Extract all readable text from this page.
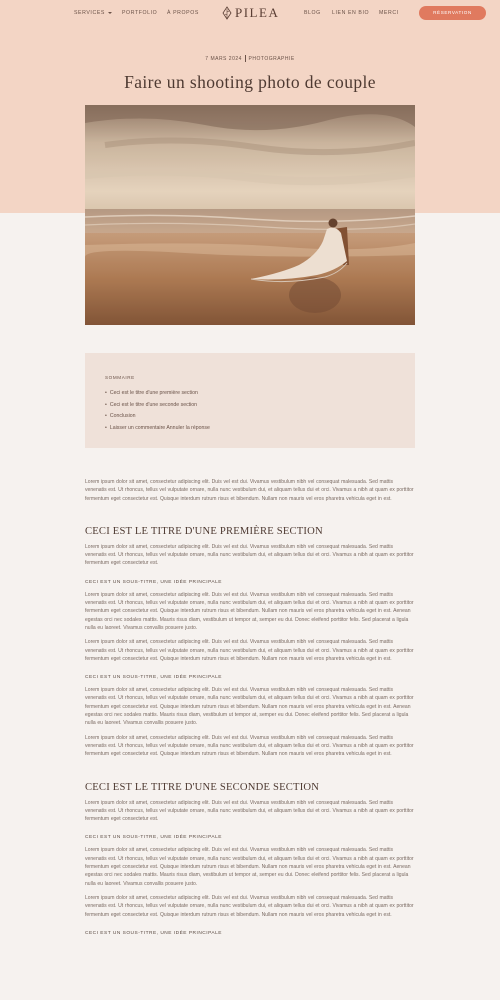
SERVICES	PORTFOLIO À PROPOS	PILEA	BLOG LIEN EN BIO MERCI	RÉSERVATION
7 MARS 2024 PHOTOGRAPHIE
Faire un shooting photo de couple
SOMMAIRE
• Ceci est le titre d'une première section
• Ceci est le titre d'une seconde section
• Conclusion
• Laisser un commentaire Annuler la réponse

Lorem ipsum dolor sit amet, consectetur adipiscing elit. Duis vel est dui. Vivamus vestibulum nibh vel consequat malesuada. Sed mattis venenatis est. Ut rhoncus, tellus vel vulputate ornare, nulla nunc vestibulum dui, et aliquam tellus dui et orci. Vivamus a nibh at quam ex porttitor fermentum eget consectetur est. Quisque interdum rutrum risus et bibendum. Nullam non mauris vel eros pharetra vehicula eget in est.

CECI EST LE TITRE D'UNE PREMIÈRE SECTION

Lorem ipsum dolor sit amet, consectetur adipiscing elit. Duis vel est dui. Vivamus vestibulum nibh vel consequat malesuada. Sed mattis venenatis est. Ut rhoncus, tellus vel vulputate ornare, nulla nunc vestibulum dui, et aliquam tellus dui et orci. Vivamus a nibh at quam ex porttitor fermentum eget consectetur est.

CECI EST UN SOUS-TITRE, UNE IDÉE PRINCIPALE

Lorem ipsum dolor sit amet, consectetur adipiscing elit. Duis vel est dui. Vivamus vestibulum nibh vel consequat malesuada. Sed mattis venenatis est. Ut rhoncus, tellus vel vulputate ornare, nulla nunc vestibulum dui, et aliquam tellus dui et orci. Vivamus a nibh at quam ex porttitor fermentum eget consectetur est. Quisque interdum rutrum risus et bibendum. Nullam non mauris vel eros pharetra vehicula eget in est. Aenean egestas orci nec sodales mattis. Mauris risus diam, vestibulum ut tempor at, semper eu dui. Donec eleifend porttitor felis. Sed placerat a ligula nulla eu laoreet. Vivamus convallis posuere justo.

Lorem ipsum dolor sit amet, consectetur adipiscing elit. Duis vel est dui. Vivamus vestibulum nibh vel consequat malesuada. Sed mattis venenatis est. Ut rhoncus, tellus vel vulputate ornare, nulla nunc vestibulum dui, et aliquam tellus dui et orci. Vivamus a nibh at quam ex porttitor fermentum eget consectetur est. Quisque interdum rutrum risus et bibendum. Nullam non mauris vel eros pharetra vehicula eget in est.

CECI EST UN SOUS-TITRE, UNE IDÉE PRINCIPALE

Lorem ipsum dolor sit amet, consectetur adipiscing elit. Duis vel est dui. Vivamus vestibulum nibh vel consequat malesuada. Sed mattis venenatis est. Ut rhoncus, tellus vel vulputate ornare, nulla nunc vestibulum dui, et aliquam tellus dui et orci. Vivamus a nibh at quam ex porttitor fermentum eget consectetur est. Quisque interdum rutrum risus et bibendum. Nullam non mauris vel eros pharetra vehicula eget in est. Aenean egestas orci nec sodales mattis. Mauris risus diam, vestibulum ut tempor at, semper eu dui. Donec eleifend porttitor felis. Sed placerat a ligula nulla eu laoreet. Vivamus convallis posuere justo.

Lorem ipsum dolor sit amet, consectetur adipiscing elit. Duis vel est dui. Vivamus vestibulum nibh vel consequat malesuada. Sed mattis venenatis est. Ut rhoncus, tellus vel vulputate ornare, nulla nunc vestibulum dui, et aliquam tellus dui et orci. Vivamus a nibh at quam ex porttitor fermentum eget consectetur est. Quisque interdum rutrum risus et bibendum. Nullam non mauris vel eros pharetra vehicula eget in est.

CECI EST LE TITRE D'UNE SECONDE SECTION

Lorem ipsum dolor sit amet, consectetur adipiscing elit. Duis vel est dui. Vivamus vestibulum nibh vel consequat malesuada. Sed mattis venenatis est. Ut rhoncus, tellus vel vulputate ornare, nulla nunc vestibulum dui, et aliquam tellus dui et orci. Vivamus a nibh at quam ex porttitor fermentum eget consectetur est.

CECI EST UN SOUS-TITRE, UNE IDÉE PRINCIPALE

Lorem ipsum dolor sit amet, consectetur adipiscing elit. Duis vel est dui. Vivamus vestibulum nibh vel consequat malesuada. Sed mattis venenatis est. Ut rhoncus, tellus vel vulputate ornare, nulla nunc vestibulum dui, et aliquam tellus dui et orci. Vivamus a nibh at quam ex porttitor fermentum eget consectetur est. Quisque interdum rutrum risus et bibendum. Nullam non mauris vel eros pharetra vehicula eget in est. Aenean egestas orci nec sodales mattis. Mauris risus diam, vestibulum ut tempor at, semper eu dui. Donec eleifend porttitor felis. Sed placerat a ligula nulla eu laoreet. Vivamus convallis posuere justo.

Lorem ipsum dolor sit amet, consectetur adipiscing elit. Duis vel est dui. Vivamus vestibulum nibh vel consequat malesuada. Sed mattis venenatis est. Ut rhoncus, tellus vel vulputate ornare, nulla nunc vestibulum dui, et aliquam tellus dui et orci. Vivamus a nibh at quam ex porttitor fermentum eget consectetur est. Quisque interdum rutrum risus et bibendum. Nullam non mauris vel eros pharetra vehicula eget in est.

CECI EST UN SOUS-TITRE, UNE IDÉE PRINCIPALE
